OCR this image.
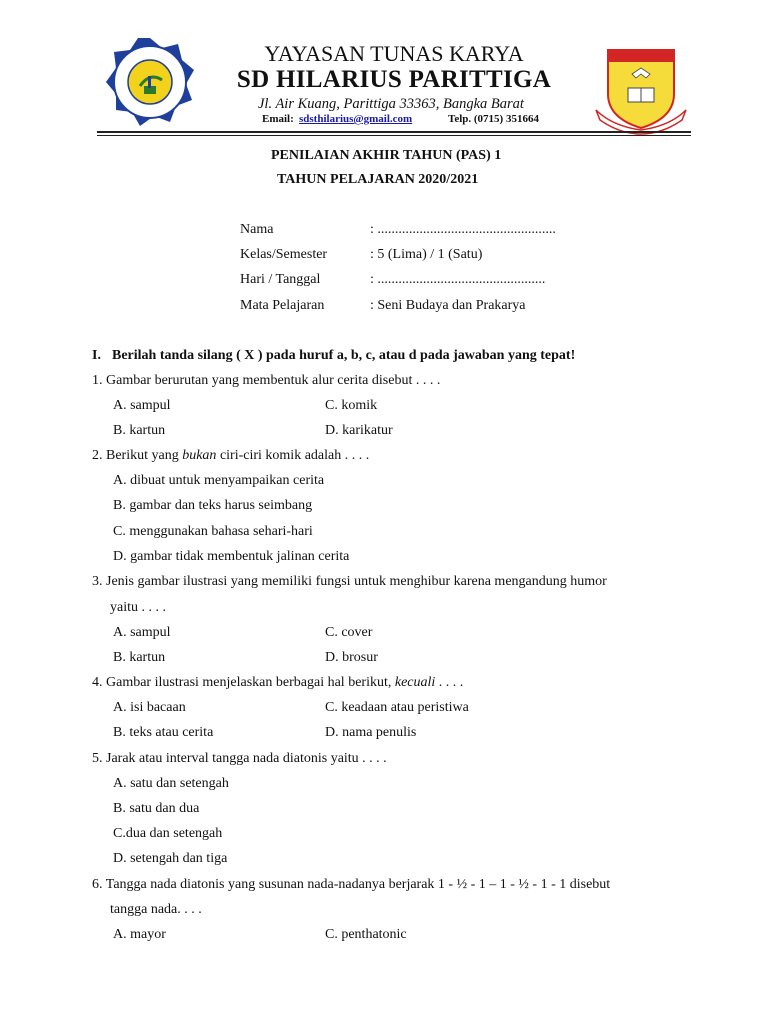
YAYASAN TUNAS KARYA
SD HILARIUS PARITTIGA
Jl. Air Kuang, Parittiga 33363, Bangka Barat
Email: sdsthilarius@gmail.com	Telp. (0715) 351664
PENILAIAN AKHIR TAHUN (PAS) 1
TAHUN PELAJARAN 2020/2021
Nama	: ...................................................
Kelas/Semester	: 5 (Lima) / 1 (Satu)
Hari / Tanggal	: ................................................
Mata Pelajaran	: Seni Budaya dan Prakarya
I. Berilah tanda silang ( X ) pada huruf a, b, c, atau d pada jawaban yang tepat!
1. Gambar berurutan yang membentuk alur cerita disebut . . . .
A. sampul	C. komik
B. kartun	D. karikatur
2. Berikut yang bukan ciri-ciri komik adalah . . . .
A. dibuat untuk menyampaikan cerita
B. gambar dan teks harus seimbang
C. menggunakan bahasa sehari-hari
D. gambar tidak membentuk jalinan cerita
3. Jenis gambar ilustrasi yang memiliki fungsi untuk menghibur karena mengandung humor
yaitu . . . .
A. sampul	C. cover
B. kartun	D. brosur
4. Gambar ilustrasi menjelaskan berbagai hal berikut, kecuali . . . .
A. isi bacaan	C. keadaan atau peristiwa
B. teks atau cerita	D. nama penulis
5. Jarak atau interval tangga nada diatonis yaitu . . . .
A. satu dan setengah
B. satu dan dua
C.dua dan setengah
D. setengah dan tiga
6. Tangga nada diatonis yang susunan nada-nadanya berjarak 1 - ½ - 1 – 1 - ½ - 1 - 1 disebut
tangga nada. . . .
A. mayor	C. penthatonic
